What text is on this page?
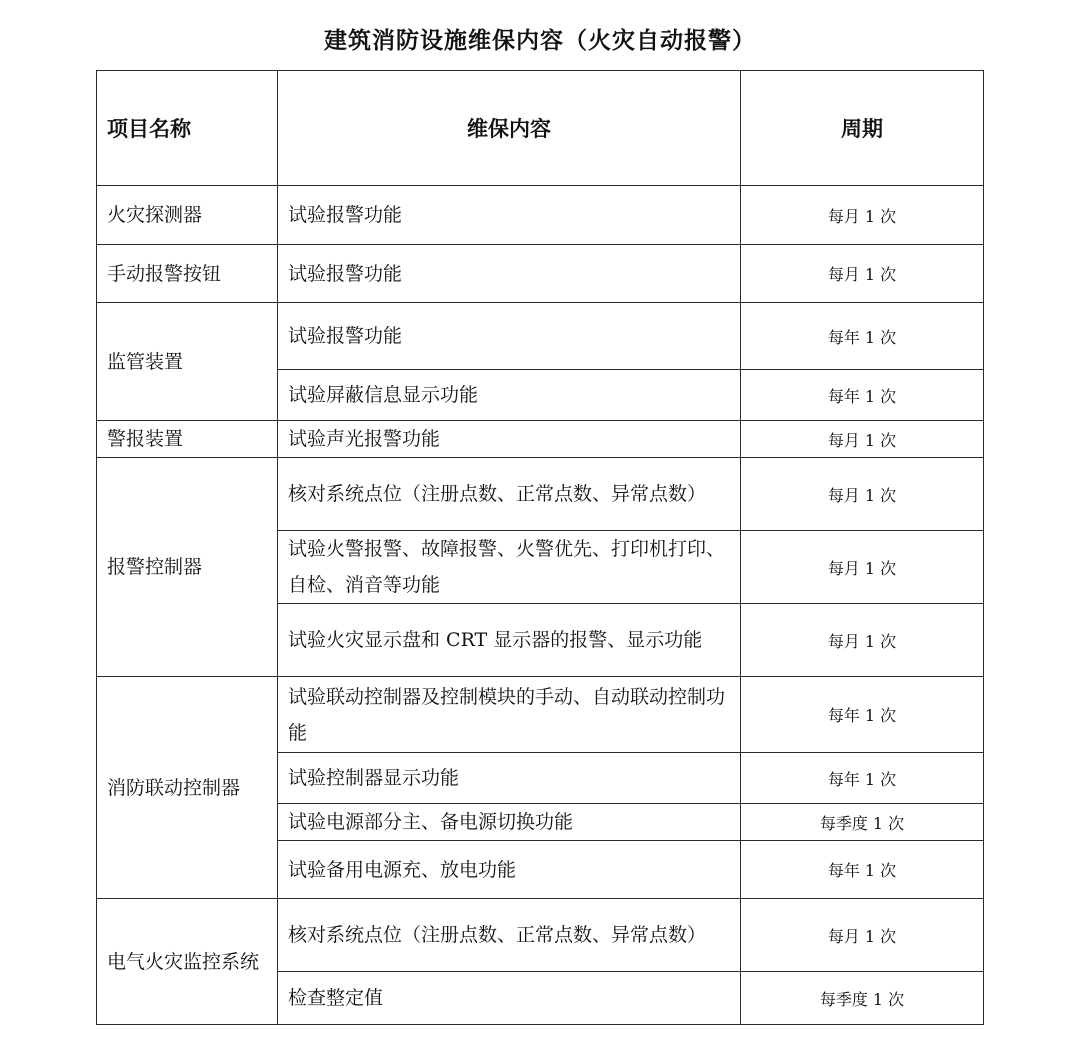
建筑消防设施维保内容（火灾自动报警）
项目名称	维保内容	周期
火灾探测器	试验报警功能	每月 1 次
手动报警按钮	试验报警功能	每月 1 次
监管装置	试验报警功能	每年 1 次
	试验屏蔽信息显示功能	每年 1 次
警报装置	试验声光报警功能	每月 1 次
报警控制器	核对系统点位（注册点数、正常点数、异常点数）	每月 1 次
	试验火警报警、故障报警、火警优先、打印机打印、自检、消音等功能	每月 1 次
	试验火灾显示盘和 CRT 显示器的报警、显示功能	每月 1 次
消防联动控制器	试验联动控制器及控制模块的手动、自动联动控制功能	每年 1 次
	试验控制器显示功能	每年 1 次
	试验电源部分主、备电源切换功能	每季度 1 次
	试验备用电源充、放电功能	每年 1 次
电气火灾监控系统	核对系统点位（注册点数、正常点数、异常点数）	每月 1 次
	检查整定值	每季度 1 次
